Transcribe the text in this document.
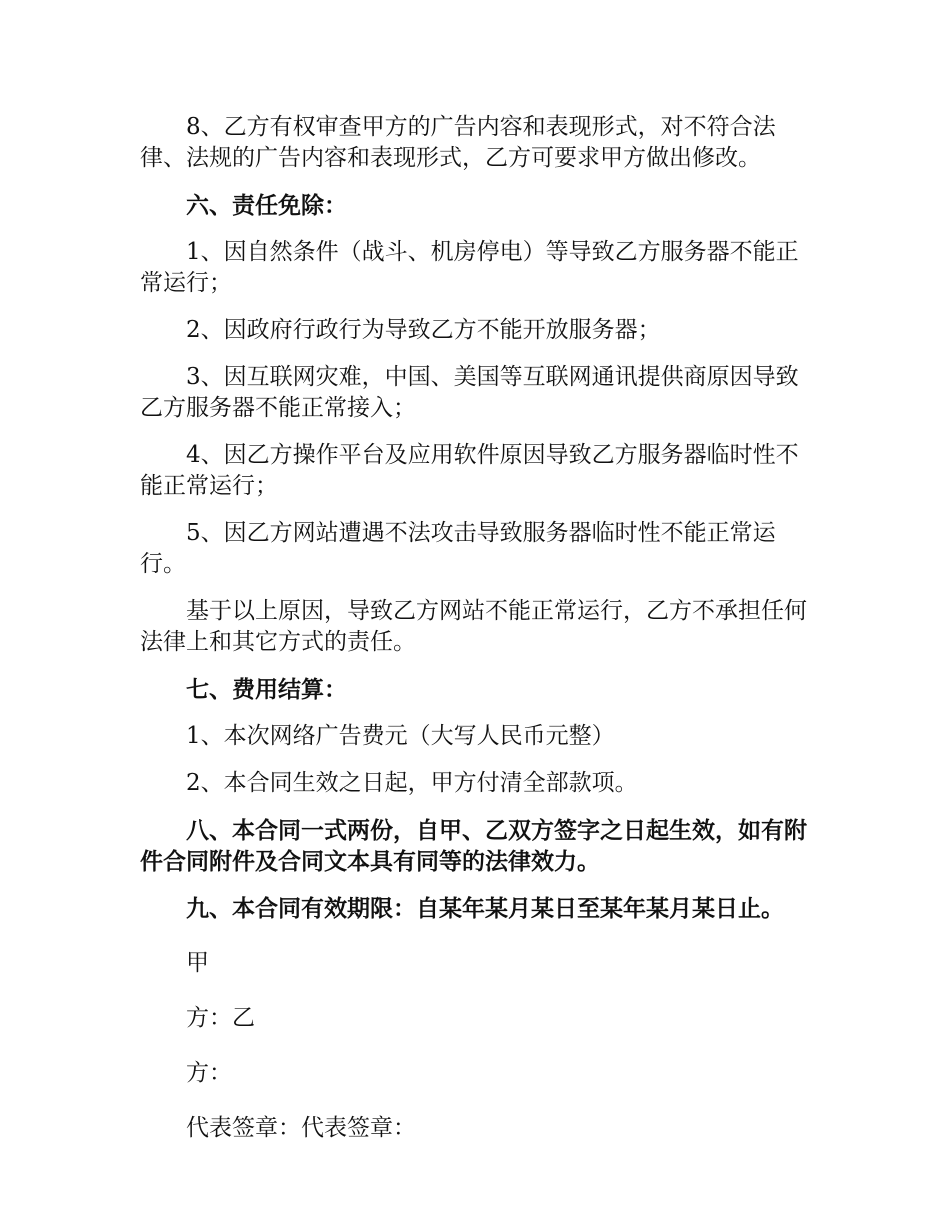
8、乙方有权审查甲方的广告内容和表现形式，对不符合法律、法规的广告内容和表现形式，乙方可要求甲方做出修改。

六、责任免除：

1、因自然条件（战斗、机房停电）等导致乙方服务器不能正常运行；

2、因政府行政行为导致乙方不能开放服务器；

3、因互联网灾难，中国、美国等互联网通讯提供商原因导致乙方服务器不能正常接入；

4、因乙方操作平台及应用软件原因导致乙方服务器临时性不能正常运行；

5、因乙方网站遭遇不法攻击导致服务器临时性不能正常运行。

基于以上原因，导致乙方网站不能正常运行，乙方不承担任何法律上和其它方式的责任。

七、费用结算：

1、本次网络广告费元（大写人民币元整）

2、本合同生效之日起，甲方付清全部款项。

八、本合同一式两份，自甲、乙双方签字之日起生效，如有附件合同附件及合同文本具有同等的法律效力。

九、本合同有效期限：自某年某月某日至某年某月某日止。

甲

方：乙

方：

代表签章：代表签章：
